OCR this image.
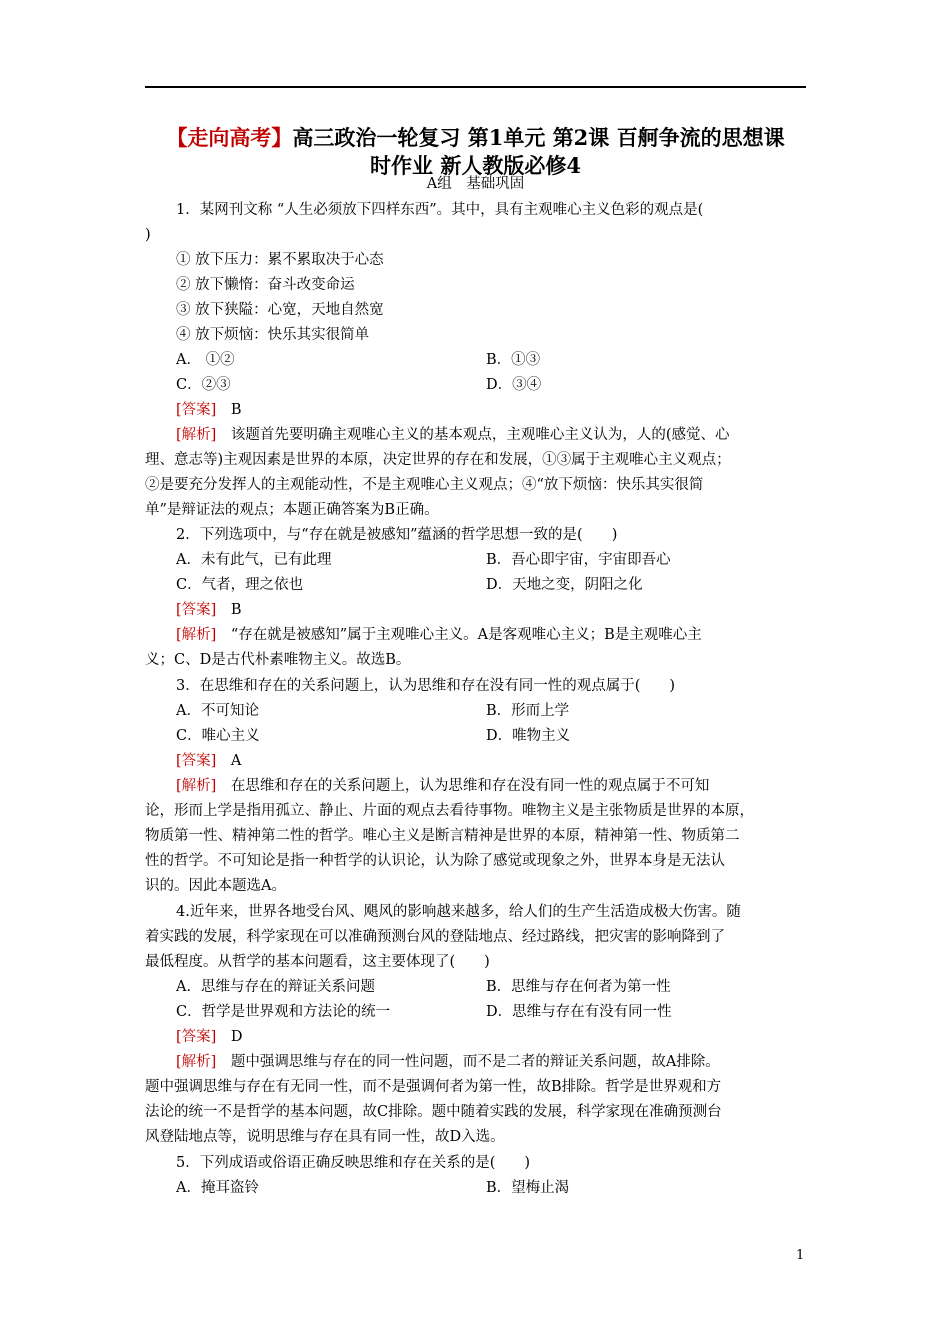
【走向高考】高三政治一轮复习 第1单元 第2课 百舸争流的思想课
时作业 新人教版必修4
A组　基础巩固
1．某网刊文称 “人生必须放下四样东西”。其中，具有主观唯心主义色彩的观点是(
)
① 放下压力：累不累取决于心态
② 放下懒惰：奋斗改变命运
③ 放下狭隘：心宽，天地自然宽
④ 放下烦恼：快乐其实很简单
A． ①②	B．①③
C．②③	D．③④
[答案]　 B
[解析]　 该题首先要明确主观唯心主义的基本观点，主观唯心主义认为，人的(感觉、心
理、意志等)主观因素是世界的本原，决定世界的存在和发展，①③属于主观唯心主义观点；
②是要充分发挥人的主观能动性，不是主观唯心主义观点；④“放下烦恼：快乐其实很简
单”是辩证法的观点；本题正确答案为B正确。
2．下列选项中，与“存在就是被感知”蕴涵的哲学思想一致的是(　　)
A．未有此气，已有此理	B．吾心即宇宙，宇宙即吾心
C．气者，理之依也	D．天地之变，阴阳之化
[答案]　 B
[解析]　 “存在就是被感知”属于主观唯心主义。A是客观唯心主义；B是主观唯心主
义；C、D是古代朴素唯物主义。故选B。
3．在思维和存在的关系问题上，认为思维和存在没有同一性的观点属于(　　)
A．不可知论	B．形而上学
C．唯心主义	D．唯物主义
[答案]　 A
[解析]　 在思维和存在的关系问题上，认为思维和存在没有同一性的观点属于不可知
论，形而上学是指用孤立、静止、片面的观点去看待事物。唯物主义是主张物质是世界的本原，
物质第一性、精神第二性的哲学。唯心主义是断言精神是世界的本原，精神第一性、物质第二
性的哲学。不可知论是指一种哲学的认识论，认为除了感觉或现象之外，世界本身是无法认
识的。因此本题选A。
4.近年来，世界各地受台风、飓风的影响越来越多，给人们的生产生活造成极大伤害。随
着实践的发展，科学家现在可以准确预测台风的登陆地点、经过路线，把灾害的影响降到了
最低程度。从哲学的基本问题看，这主要体现了(　　)
A．思维与存在的辩证关系问题	B．思维与存在何者为第一性
C．哲学是世界观和方法论的统一	D．思维与存在有没有同一性
[答案]　 D
[解析]　 题中强调思维与存在的同一性问题，而不是二者的辩证关系问题，故A排除。
题中强调思维与存在有无同一性，而不是强调何者为第一性，故B排除。哲学是世界观和方
法论的统一不是哲学的基本问题，故C排除。题中随着实践的发展，科学家现在准确预测台
风登陆地点等，说明思维与存在具有同一性，故D入选。
5．下列成语或俗语正确反映思维和存在关系的是(　　)
A．掩耳盗铃	B．望梅止渴
1
